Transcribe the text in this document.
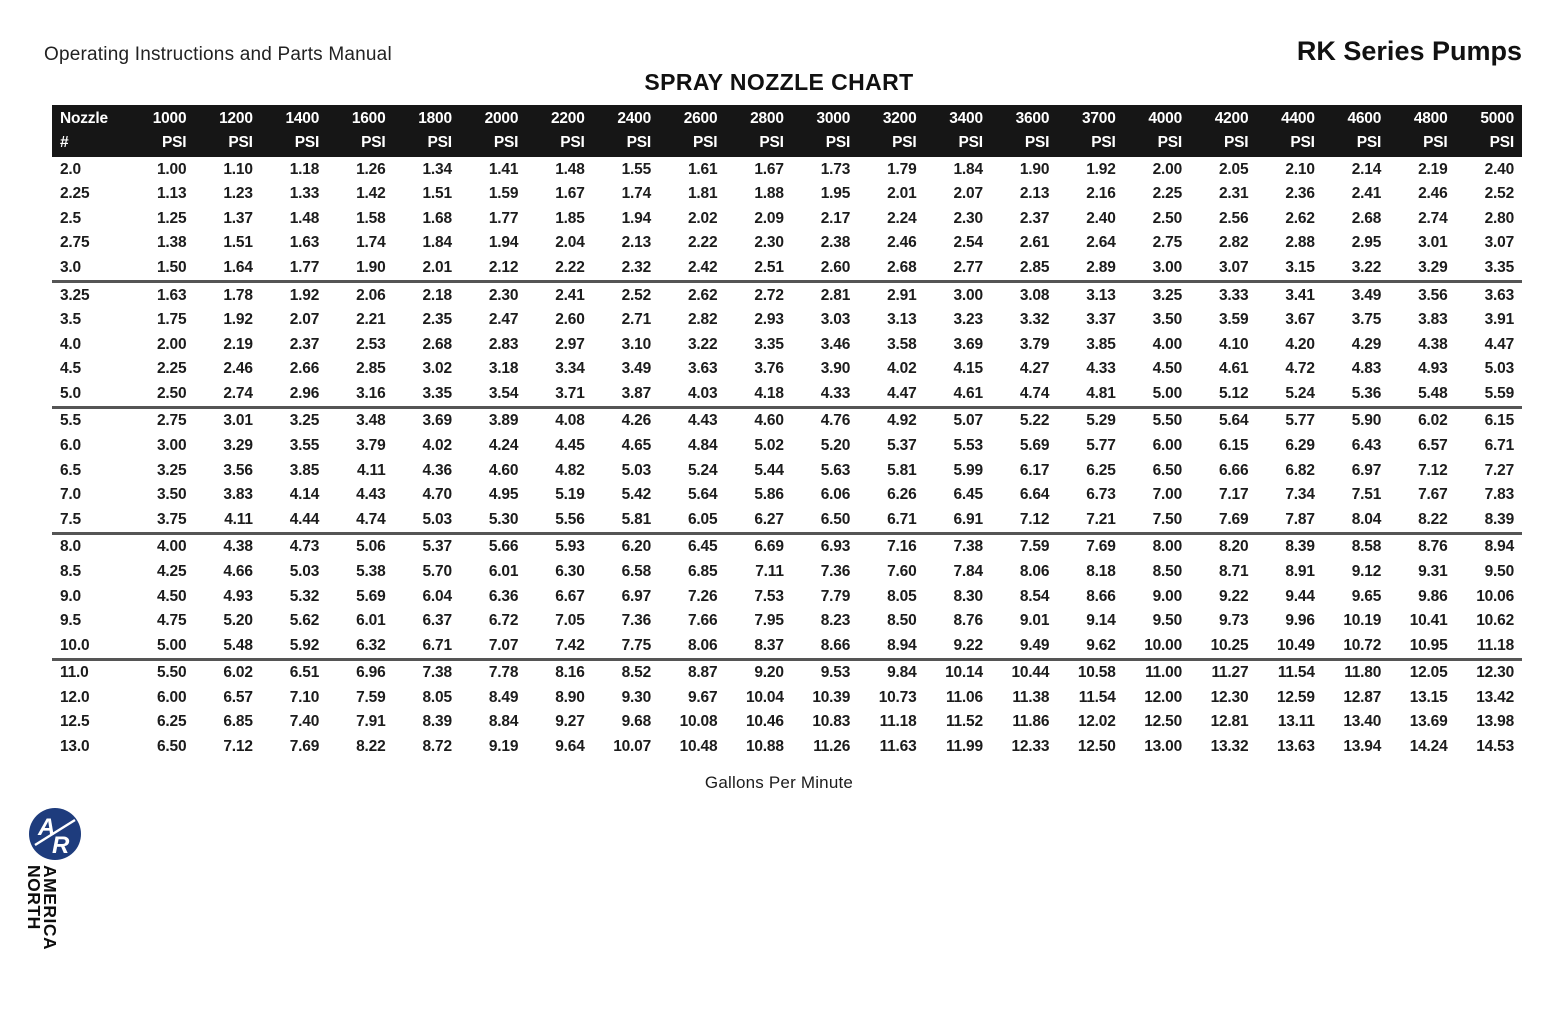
Operating Instructions and Parts Manual	RK Series Pumps
SPRAY NOZZLE CHART
Nozzle	1000	1200	1400	1600	1800	2000	2200	2400	2600	2800	3000	3200	3400	3600	3700	4000	4200	4400	4600	4800	5000
#	PSI	PSI	PSI	PSI	PSI	PSI	PSI	PSI	PSI	PSI	PSI	PSI	PSI	PSI	PSI	PSI	PSI	PSI	PSI	PSI	PSI
2.0	1.00	1.10	1.18	1.26	1.34	1.41	1.48	1.55	1.61	1.67	1.73	1.79	1.84	1.90	1.92	2.00	2.05	2.10	2.14	2.19	2.40
2.25	1.13	1.23	1.33	1.42	1.51	1.59	1.67	1.74	1.81	1.88	1.95	2.01	2.07	2.13	2.16	2.25	2.31	2.36	2.41	2.46	2.52
2.5	1.25	1.37	1.48	1.58	1.68	1.77	1.85	1.94	2.02	2.09	2.17	2.24	2.30	2.37	2.40	2.50	2.56	2.62	2.68	2.74	2.80
2.75	1.38	1.51	1.63	1.74	1.84	1.94	2.04	2.13	2.22	2.30	2.38	2.46	2.54	2.61	2.64	2.75	2.82	2.88	2.95	3.01	3.07
3.0	1.50	1.64	1.77	1.90	2.01	2.12	2.22	2.32	2.42	2.51	2.60	2.68	2.77	2.85	2.89	3.00	3.07	3.15	3.22	3.29	3.35
3.25	1.63	1.78	1.92	2.06	2.18	2.30	2.41	2.52	2.62	2.72	2.81	2.91	3.00	3.08	3.13	3.25	3.33	3.41	3.49	3.56	3.63
3.5	1.75	1.92	2.07	2.21	2.35	2.47	2.60	2.71	2.82	2.93	3.03	3.13	3.23	3.32	3.37	3.50	3.59	3.67	3.75	3.83	3.91
4.0	2.00	2.19	2.37	2.53	2.68	2.83	2.97	3.10	3.22	3.35	3.46	3.58	3.69	3.79	3.85	4.00	4.10	4.20	4.29	4.38	4.47
4.5	2.25	2.46	2.66	2.85	3.02	3.18	3.34	3.49	3.63	3.76	3.90	4.02	4.15	4.27	4.33	4.50	4.61	4.72	4.83	4.93	5.03
5.0	2.50	2.74	2.96	3.16	3.35	3.54	3.71	3.87	4.03	4.18	4.33	4.47	4.61	4.74	4.81	5.00	5.12	5.24	5.36	5.48	5.59
5.5	2.75	3.01	3.25	3.48	3.69	3.89	4.08	4.26	4.43	4.60	4.76	4.92	5.07	5.22	5.29	5.50	5.64	5.77	5.90	6.02	6.15
6.0	3.00	3.29	3.55	3.79	4.02	4.24	4.45	4.65	4.84	5.02	5.20	5.37	5.53	5.69	5.77	6.00	6.15	6.29	6.43	6.57	6.71
6.5	3.25	3.56	3.85	4.11	4.36	4.60	4.82	5.03	5.24	5.44	5.63	5.81	5.99	6.17	6.25	6.50	6.66	6.82	6.97	7.12	7.27
7.0	3.50	3.83	4.14	4.43	4.70	4.95	5.19	5.42	5.64	5.86	6.06	6.26	6.45	6.64	6.73	7.00	7.17	7.34	7.51	7.67	7.83
7.5	3.75	4.11	4.44	4.74	5.03	5.30	5.56	5.81	6.05	6.27	6.50	6.71	6.91	7.12	7.21	7.50	7.69	7.87	8.04	8.22	8.39
8.0	4.00	4.38	4.73	5.06	5.37	5.66	5.93	6.20	6.45	6.69	6.93	7.16	7.38	7.59	7.69	8.00	8.20	8.39	8.58	8.76	8.94
8.5	4.25	4.66	5.03	5.38	5.70	6.01	6.30	6.58	6.85	7.11	7.36	7.60	7.84	8.06	8.18	8.50	8.71	8.91	9.12	9.31	9.50
9.0	4.50	4.93	5.32	5.69	6.04	6.36	6.67	6.97	7.26	7.53	7.79	8.05	8.30	8.54	8.66	9.00	9.22	9.44	9.65	9.86	10.06
9.5	4.75	5.20	5.62	6.01	6.37	6.72	7.05	7.36	7.66	7.95	8.23	8.50	8.76	9.01	9.14	9.50	9.73	9.96	10.19	10.41	10.62
10.0	5.00	5.48	5.92	6.32	6.71	7.07	7.42	7.75	8.06	8.37	8.66	8.94	9.22	9.49	9.62	10.00	10.25	10.49	10.72	10.95	11.18
11.0	5.50	6.02	6.51	6.96	7.38	7.78	8.16	8.52	8.87	9.20	9.53	9.84	10.14	10.44	10.58	11.00	11.27	11.54	11.80	12.05	12.30
12.0	6.00	6.57	7.10	7.59	8.05	8.49	8.90	9.30	9.67	10.04	10.39	10.73	11.06	11.38	11.54	12.00	12.30	12.59	12.87	13.15	13.42
12.5	6.25	6.85	7.40	7.91	8.39	8.84	9.27	9.68	10.08	10.46	10.83	11.18	11.52	11.86	12.02	12.50	12.81	13.11	13.40	13.69	13.98
13.0	6.50	7.12	7.69	8.22	8.72	9.19	9.64	10.07	10.48	10.88	11.26	11.63	11.99	12.33	12.50	13.00	13.32	13.63	13.94	14.24	14.53
Gallons Per Minute
A
R
NORTH
AMERICA
